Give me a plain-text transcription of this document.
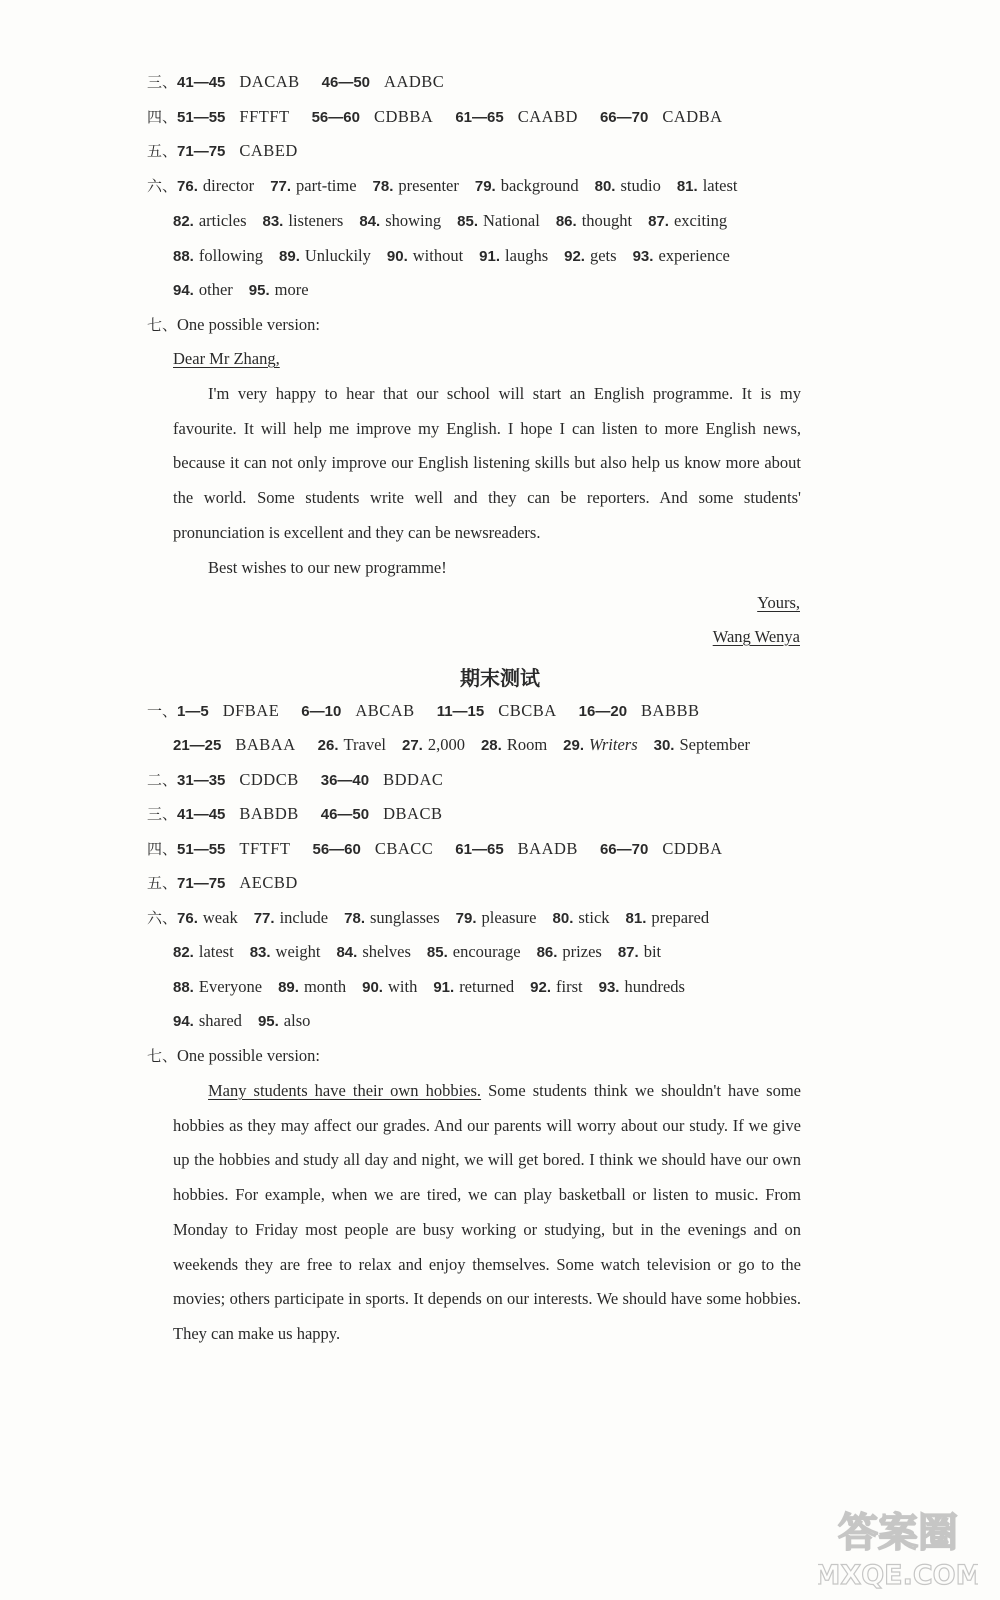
三、 41—45 DACAB 46—50 AADBC
四、 51—55 FFTFT 56—60 CDBBA 61—65 CAABD 66—70 CADBA
五、 71—75 CABED
六、 76. director 77. part-time 78. presenter 79. background 80. studio 81. latest
82. articles 83. listeners 84. showing 85. National 86. thought 87. exciting
88. following 89. Unluckily 90. without 91. laughs 92. gets 93. experience
94. other 95. more
七、 One possible version:
Dear Mr Zhang,

I'm very happy to hear that our school will start an English programme. It is my favourite. It will help me improve my English. I hope I can listen to more English news, because it can not only improve our English listening skills but also help us know more about the world. Some students write well and they can be reporters. And some students' pronunciation is excellent and they can be newsreaders.

Best wishes to our new programme!

Yours,
Wang Wenya
期末测试
一、 1—5 DFBAE 6—10 ABCAB 11—15 CBCBA 16—20 BABBB
21—25 BABAA 26. Travel 27. 2,000 28. Room 29. Writers 30. September
二、 31—35 CDDCB 36—40 BDDAC
三、 41—45 BABDB 46—50 DBACB
四、 51—55 TFTFT 56—60 CBACC 61—65 BAADB 66—70 CDDBA
五、 71—75 AECBD
六、 76. weak 77. include 78. sunglasses 79. pleasure 80. stick 81. prepared
82. latest 83. weight 84. shelves 85. encourage 86. prizes 87. bit
88. Everyone 89. month 90. with 91. returned 92. first 93. hundreds
94. shared 95. also
七、 One possible version:

Many students have their own hobbies. Some students think we shouldn't have some hobbies as they may affect our grades. And our parents will worry about our study. If we give up the hobbies and study all day and night, we will get bored. I think we should have our own hobbies. For example, when we are tired, we can play basketball or listen to music. From Monday to Friday most people are busy working or studying, but in the evenings and on weekends they are free to relax and enjoy themselves. Some watch television or go to the movies; others participate in sports. It depends on our interests. We should have some hobbies. They can make us happy.

答案圈
MXQE.COM
